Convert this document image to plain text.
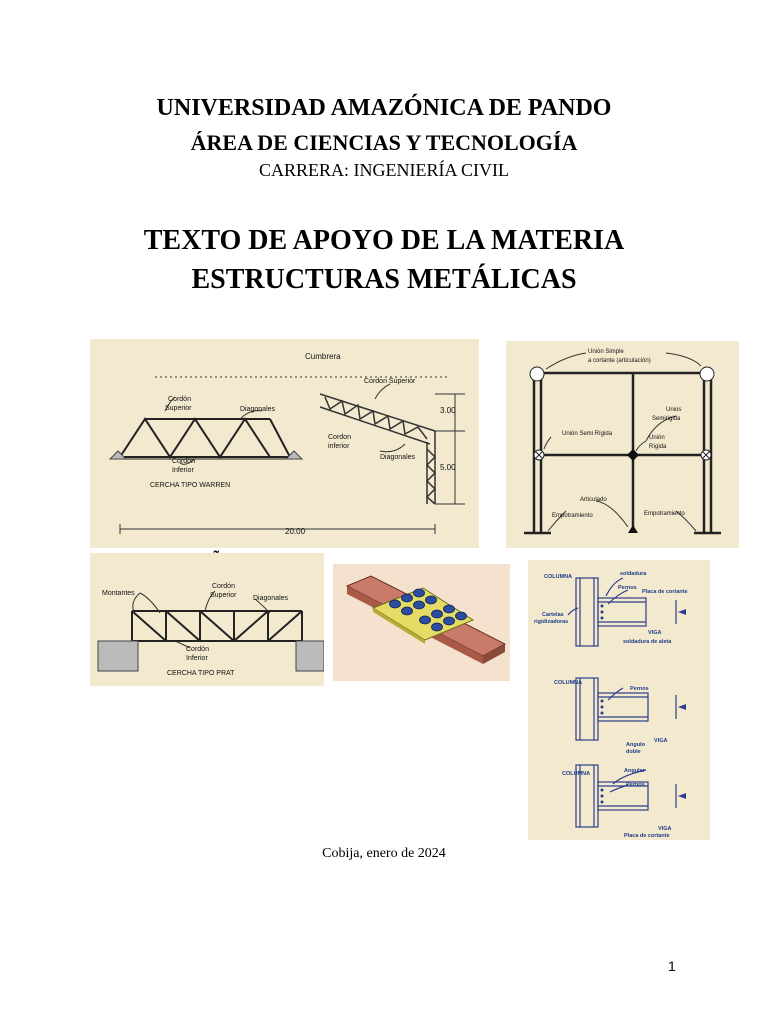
UNIVERSIDAD AMAZÓNICA DE PANDO
ÁREA DE CIENCIAS Y TECNOLOGÍA
CARRERA: INGENIERÍA CIVIL
TEXTO DE APOYO DE LA MATERIA
ESTRUCTURAS METÁLICAS
Cumbrera
Cordón
Superior	Diagonales
Cordón
Inferior
CERCHA TIPO WARREN
Cordon Superior
Cordon
inferior
Diagonales
3.00
5.00
20.00
Unión Simple
a cortante (articulación)
Unios
Semirigida
Unión Semi Rígida
Unión
Rígida
Articulado
Empotramiento	Empotramiento
Montantes
Cordón
Superior Diagonales
Cordón
Inferior
CERCHA TIPO PRAT
COLUMNA	soldadura
Pernos
Placa de cortante
Cartelas
rigidizadoras
VIGA
soldadura de aleta
COLUMNA
Pernos
VIGA
Angulo
doble
COLUMNA	Angular
Pernos
VIGA
Placa de cortante
Cobija, enero de 2024
1
